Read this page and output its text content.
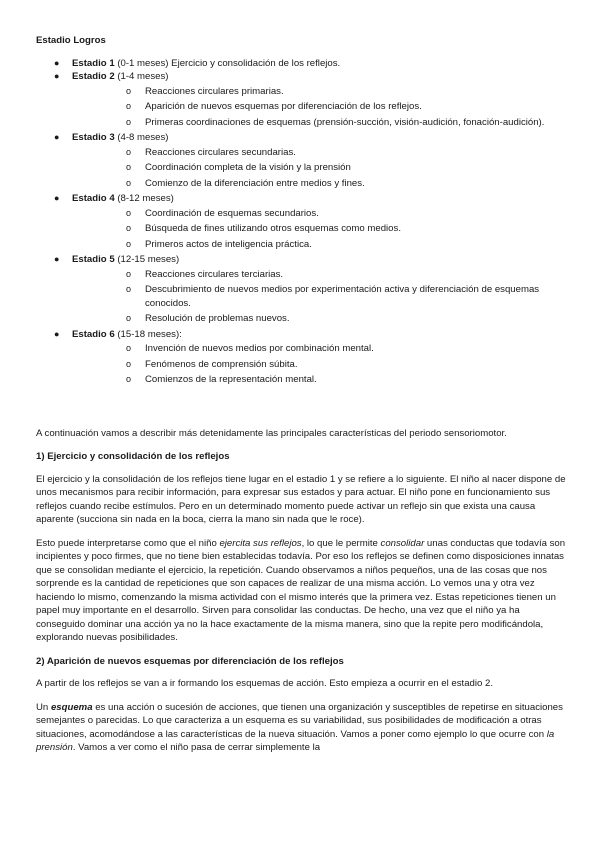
Estadio Logros
● Estadio 1 (0-1 meses) Ejercicio y consolidación de los reflejos.
● Estadio 2 (1-4 meses)
o Reacciones circulares primarias.
o Aparición de nuevos esquemas por diferenciación de los reflejos.
o Primeras coordinaciones de esquemas (prensión-succión, visión-audición, fonación-audición).
● Estadio 3 (4-8 meses)
o Reacciones circulares secundarias.
o Coordinación completa de la visión y la prensión
o Comienzo de la diferenciación entre medios y fines.
● Estadio 4 (8-12 meses)
o Coordinación de esquemas secundarios.
o Búsqueda de fines utilizando otros esquemas como medios.
o Primeros actos de inteligencia práctica.
● Estadio 5 (12-15 meses)
o Reacciones circulares terciarias.
o Descubrimiento de nuevos medios por experimentación activa y diferenciación de esquemas conocidos.
o Resolución de problemas nuevos.
● Estadio 6 (15-18 meses):
o Invención de nuevos medios por combinación mental.
o Fenómenos de comprensión súbita.
o Comienzos de la representación mental.

A continuación vamos a describir más detenidamente las principales características del periodo sensoriomotor.

1) Ejercicio y consolidación de los reflejos

El ejercicio y la consolidación de los reflejos tiene lugar en el estadio 1 y se refiere a lo siguiente. El niño al nacer dispone de unos mecanismos para recibir información, para expresar sus estados y para actuar. El niño pone en funcionamiento sus reflejos cuando recibe estímulos. Pero en un determinado momento puede activar un reflejo sin que exista una causa aparente (succiona sin nada en la boca, cierra la mano sin nada que le roce).

Esto puede interpretarse como que el niño ejercita sus reflejos, lo que le permite consolidar unas conductas que todavía son incipientes y poco firmes, que no tiene bien establecidas todavía. Por eso los reflejos se definen como disposiciones innatas que se consolidan mediante el ejercicio, la repetición. Cuando observamos a niños pequeños, una de las cosas que nos sorprende es la cantidad de repeticiones que son capaces de realizar de una misma acción. Lo vemos una y otra vez haciendo lo mismo, comenzando la misma actividad con el mismo interés que la primera vez. Estas repeticiones tienen un papel muy importante en el desarrollo. Sirven para consolidar las conductas. De hecho, una vez que el niño ya ha conseguido dominar una acción ya no la hace exactamente de la misma manera, sino que la repite pero modificándola, explorando nuevas posibilidades.

2) Aparición de nuevos esquemas por diferenciación de los reflejos

A partir de los reflejos se van a ir formando los esquemas de acción. Esto empieza a ocurrir en el estadio 2.

Un esquema es una acción o sucesión de acciones, que tienen una organización y susceptibles de repetirse en situaciones semejantes o parecidas. Lo que caracteriza a un esquema es su variabilidad, sus posibilidades de modificación a otras situaciones, acomodándose a las características de la nueva situación. Vamos a poner como ejemplo lo que ocurre con la prensión. Vamos a ver como el niño pasa de cerrar simplemente la
